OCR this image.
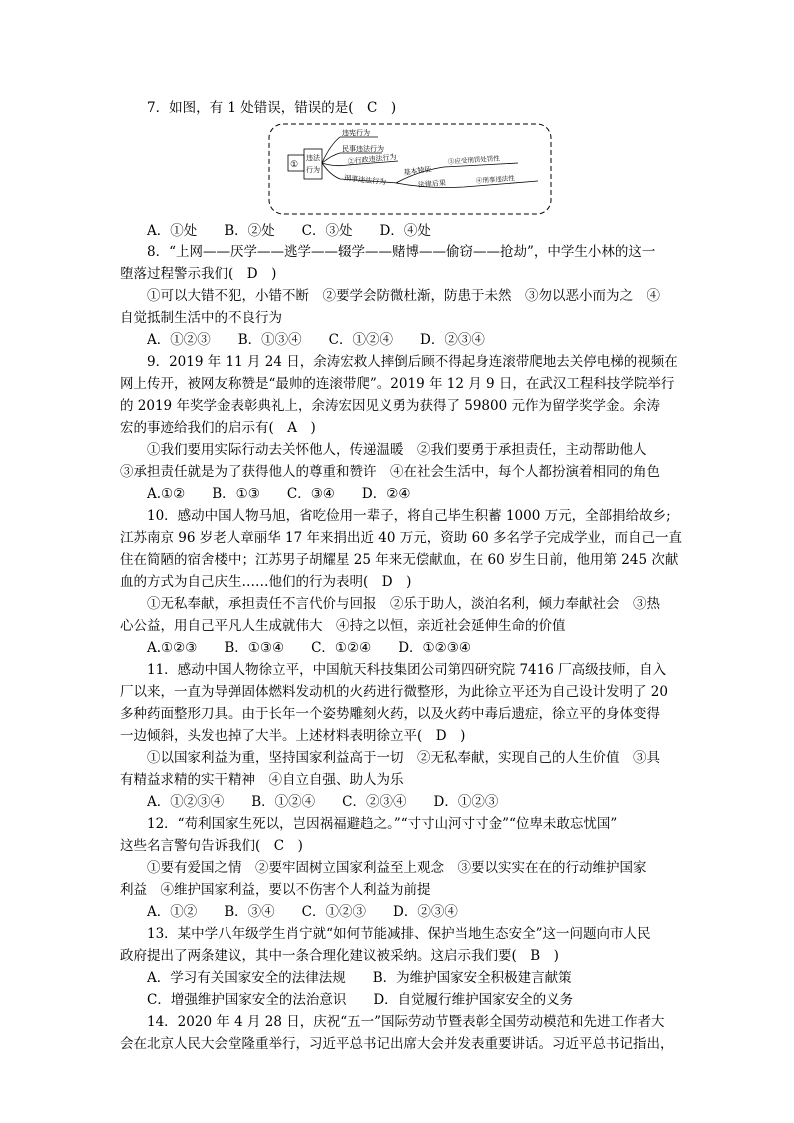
7．如图，有 1 处错误，错误的是(　C　)
①
违法
行为
违宪行为
民事违法行为
②行政违法行为
刑事违法行为
基本特征
③应受刑罚处罚性
法律后果	④刑事违法性
A．①处　　B．②处　　C．③处　　D．④处
8．“上网——厌学——逃学——辍学——赌博——偷窃——抢劫”，中学生小林的这一
堕落过程警示我们(　D　)
①可以大错不犯，小错不断　②要学会防微杜渐，防患于未然　③勿以恶小而为之　④
自觉抵制生活中的不良行为
A．①②③　　B．①③④　　C．①②④　　D．②③④
9．2019 年 11 月 24 日，余涛宏救人摔倒后顾不得起身连滚带爬地去关停电梯的视频在
网上传开，被网友称赞是“最帅的连滚带爬”。2019 年 12 月 9 日，在武汉工程科技学院举行
的 2019 年奖学金表彰典礼上，余涛宏因见义勇为获得了 59800 元作为留学奖学金。余涛
宏的事迹给我们的启示有(　A　)
①我们要用实际行动去关怀他人，传递温暖　②我们要勇于承担责任，主动帮助他人
③承担责任就是为了获得他人的尊重和赞许　④在社会生活中，每个人都扮演着相同的角色
A.①②　　B．①③　　C．③④　　D．②④
10．感动中国人物马旭，省吃俭用一辈子，将自己毕生积蓄 1000 万元，全部捐给故乡;
江苏南京 96 岁老人章丽华 17 年来捐出近 40 万元，资助 60 多名学子完成学业，而自己一直
住在简陋的宿舍楼中；江苏男子胡耀星 25 年来无偿献血，在 60 岁生日前，他用第 245 次献
血的方式为自己庆生……他们的行为表明(　D　)
①无私奉献，承担责任不言代价与回报　②乐于助人，淡泊名利，倾力奉献社会　③热
心公益，用自己平凡人生成就伟大　④持之以恒，亲近社会延伸生命的价值
A.①②③　　B．①③④　　C．①②④　　D．①②③④
11．感动中国人物徐立平，中国航天科技集团公司第四研究院 7416 厂高级技师，自入
厂以来，一直为导弹固体燃料发动机的火药进行微整形，为此徐立平还为自己设计发明了 20
多种药面整形刀具。由于长年一个姿势雕刻火药，以及火药中毒后遗症，徐立平的身体变得
一边倾斜，头发也掉了大半。上述材料表明徐立平(　D　)
①以国家利益为重，坚持国家利益高于一切　②无私奉献，实现自己的人生价值　③具
有精益求精的实干精神　④自立自强、助人为乐
A．①②③④　　B．①②④　　C．②③④　　D．①②③
12．“苟利国家生死以，岂因祸福避趋之。”“寸寸山河寸寸金”“位卑未敢忘忧国”
这些名言警句告诉我们(　C　)
①要有爱国之情　②要牢固树立国家利益至上观念　③要以实实在在的行动维护国家
利益　④维护国家利益，要以不伤害个人利益为前提
A．①②　　B．③④　　C．①②③　　D．②③④
13．某中学八年级学生肖宁就“如何节能减排、保护当地生态安全”这一问题向市人民
政府提出了两条建议，其中一条合理化建议被采纳。这启示我们要(　B　)
A．学习有关国家安全的法律法规　　B．为维护国家安全积极建言献策
C．增强维护国家安全的法治意识　　D．自觉履行维护国家安全的义务
14．2020 年 4 月 28 日，庆祝“五一”国际劳动节暨表彰全国劳动模范和先进工作者大
会在北京人民大会堂隆重举行，习近平总书记出席大会并发表重要讲话。习近平总书记指出，
